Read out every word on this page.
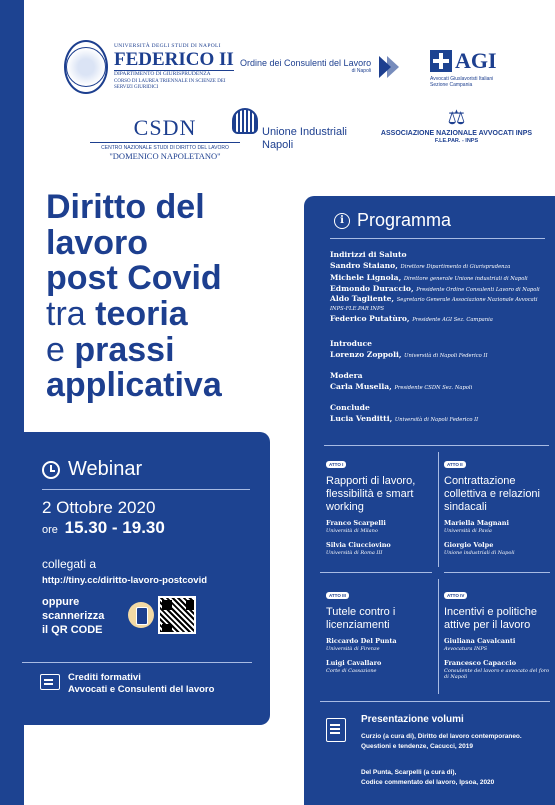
UNIVERSITÀ DEGLI STUDI DI NAPOLI
FEDERICO II
DIPARTIMENTO DI GIURISPRUDENZA
CORSO DI LAUREA TRIENNALE IN SCIENZE DEI SERVIZI GIURIDICI
Ordine dei Consulenti del Lavoro
di Napoli	AGI
Avvocati Giuslavoristi Italiani
Sezione Campania
CSDN
CENTRO NAZIONALE STUDI DI DIRITTO DEL LAVORO
"DOMENICO NAPOLETANO"
Unione Industriali
Napoli
⚖
ASSOCIAZIONE NAZIONALE AVVOCATI INPS
F.LE.PAR. - INPS
Diritto del
lavoro
post Covid
tra teoria
e prassi
applicativa
Webinar
2 Ottobre 2020
ore 15.30 - 19.30
collegati a
http://tiny.cc/diritto-lavoro-postcovid
oppure
scannerizza
il QR CODE
Crediti formativi
Avvocati e Consulenti del lavoro
i Programma
Indirizzi di Saluto
Sandro Staiano, Direttore Dipartimento di Giurisprudenza
Michele Lignola, Direttore generale Unione industriali di Napoli
Edmondo Duraccio, Presidente Ordine Consulenti Lavoro di Napoli
Aldo Tagliente, Segretario Generale Associazione Nazionale Avvocati INPS-FLE.PAR INPS
Federico Putatùro, Presidente AGI Sez. Campania
Introduce
Lorenzo Zoppoli, Università di Napoli Federico II
Modera
Carla Musella, Presidente CSDN Sez. Napoli
Conclude
Lucia Venditti, Università di Napoli Federico II
ATTO I
Rapporti di lavoro, flessibilità e smart working
Franco Scarpelli
Università di Milano
Silvia Ciucciovino
Università di Roma III
ATTO II
Contrattazione collettiva e relazioni sindacali
Mariella Magnani
Università di Pavia
Giorgio Volpe
Unione industriali di Napoli
ATTO III
Tutele contro i licenziamenti
Riccardo Del Punta
Università di Firenze
Luigi Cavallaro
Corte di Cassazione
ATTO IV
Incentivi e politiche attive per il lavoro
Giuliana Cavalcanti
Avvocatura INPS
Francesco Capaccio
Consulente del lavoro e avvocato del foro di Napoli
Presentazione volumi
Curzio (a cura di), Diritto del lavoro contemporaneo.
Questioni e tendenze, Cacucci, 2019
Del Punta, Scarpelli (a cura di),
Codice commentato del lavoro, Ipsoa, 2020
